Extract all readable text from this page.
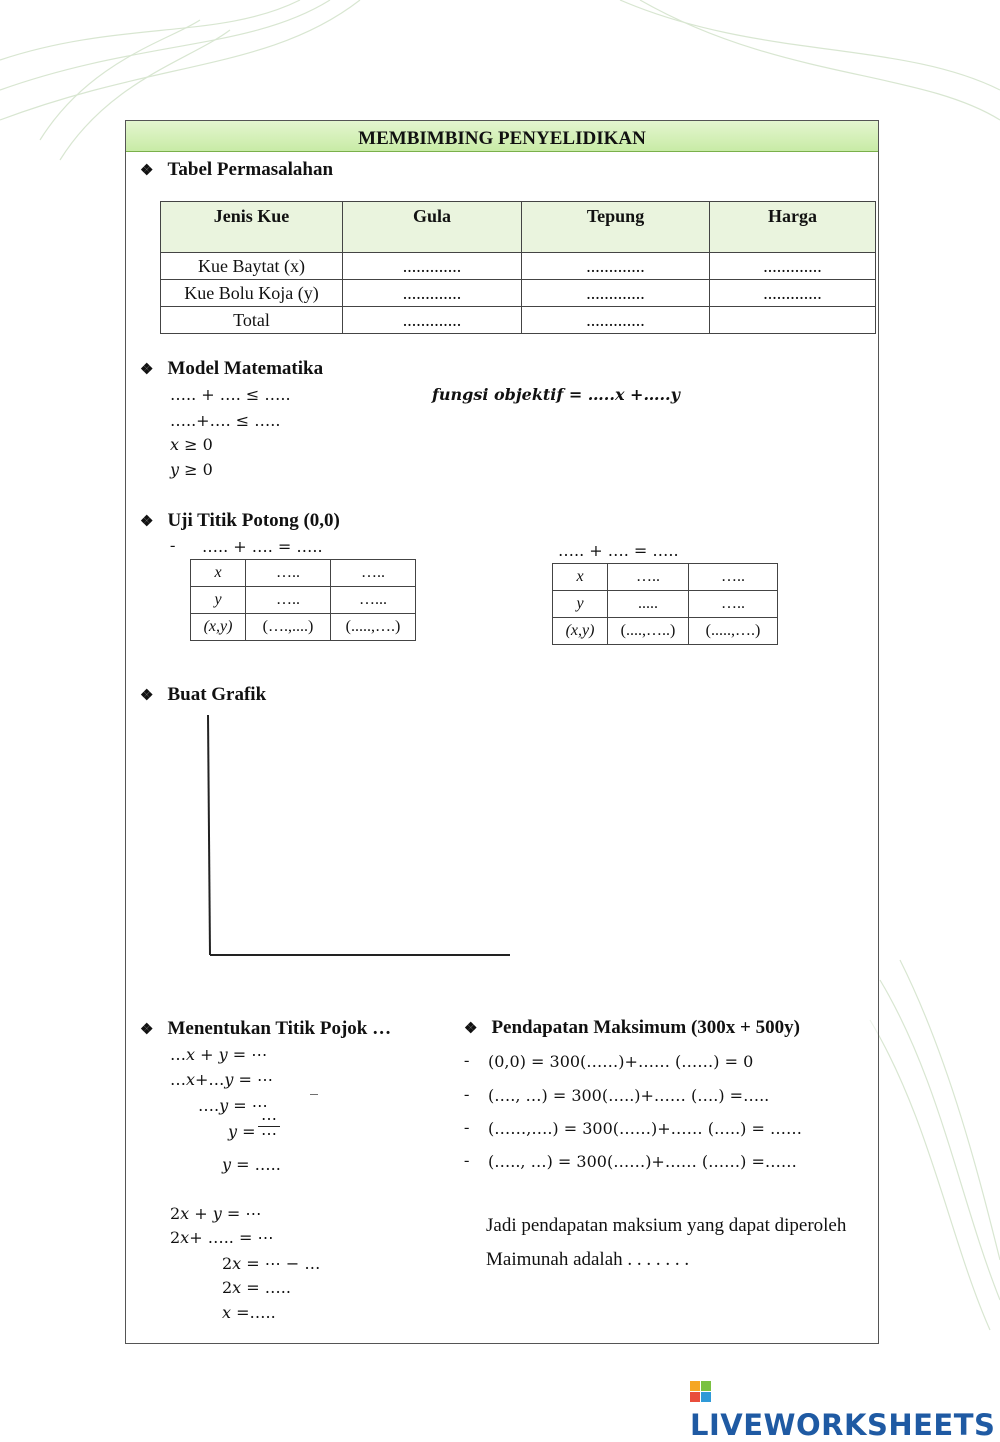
MEMBIMBING PENYELIDIKAN
❖ Tabel Permasalahan
Jenis Kue	Gula	Tepung	Harga
Kue Baytat (x)	.............	.............	.............
Kue Bolu Koja (y)	.............	.............	.............
Total	.............	.............	
❖ Model Matematika
….. + …. ≤ …..
…..+…. ≤ …..
𝑥 ≥ 0
𝑦 ≥ 0
fungsi objektif = …..x +…..y
❖ Uji Titik Potong (0,0)
- ….. + …. = …..	….. + …. = …..
x	…..	…..
y	…..	…...
(x,y)	(….,....)	(.....,….)
x	…..	…..
y	.....	…..
(x,y)	(....,…..)	(.....,….)
❖ Buat Grafik
❖ Menentukan Titik Pojok …
…𝑥 + 𝑦 = ⋯
…𝑥+…𝑦 = ⋯ _
….𝑦 = ⋯
𝑦 =
⋯
⋯
𝑦 = …..
2𝑥 + 𝑦 = ⋯
2𝑥+ ….. = ⋯
2𝑥 = ⋯ − …
2𝑥 = …..
𝑥 =…..
❖ Pendapatan Maksimum (300x + 500y)
- (0,0) = 300(……)+…… (……) = 0
- (…., …) = 300(…..)+…… (….) =…..
- (……,….) = 300(……)+…… (…..) = ……
- (….., …) = 300(……)+…… (……) =……
Jadi pendapatan maksium yang dapat diperoleh
Maimunah adalah . . . . . . .
LIVEWORKSHEETS
